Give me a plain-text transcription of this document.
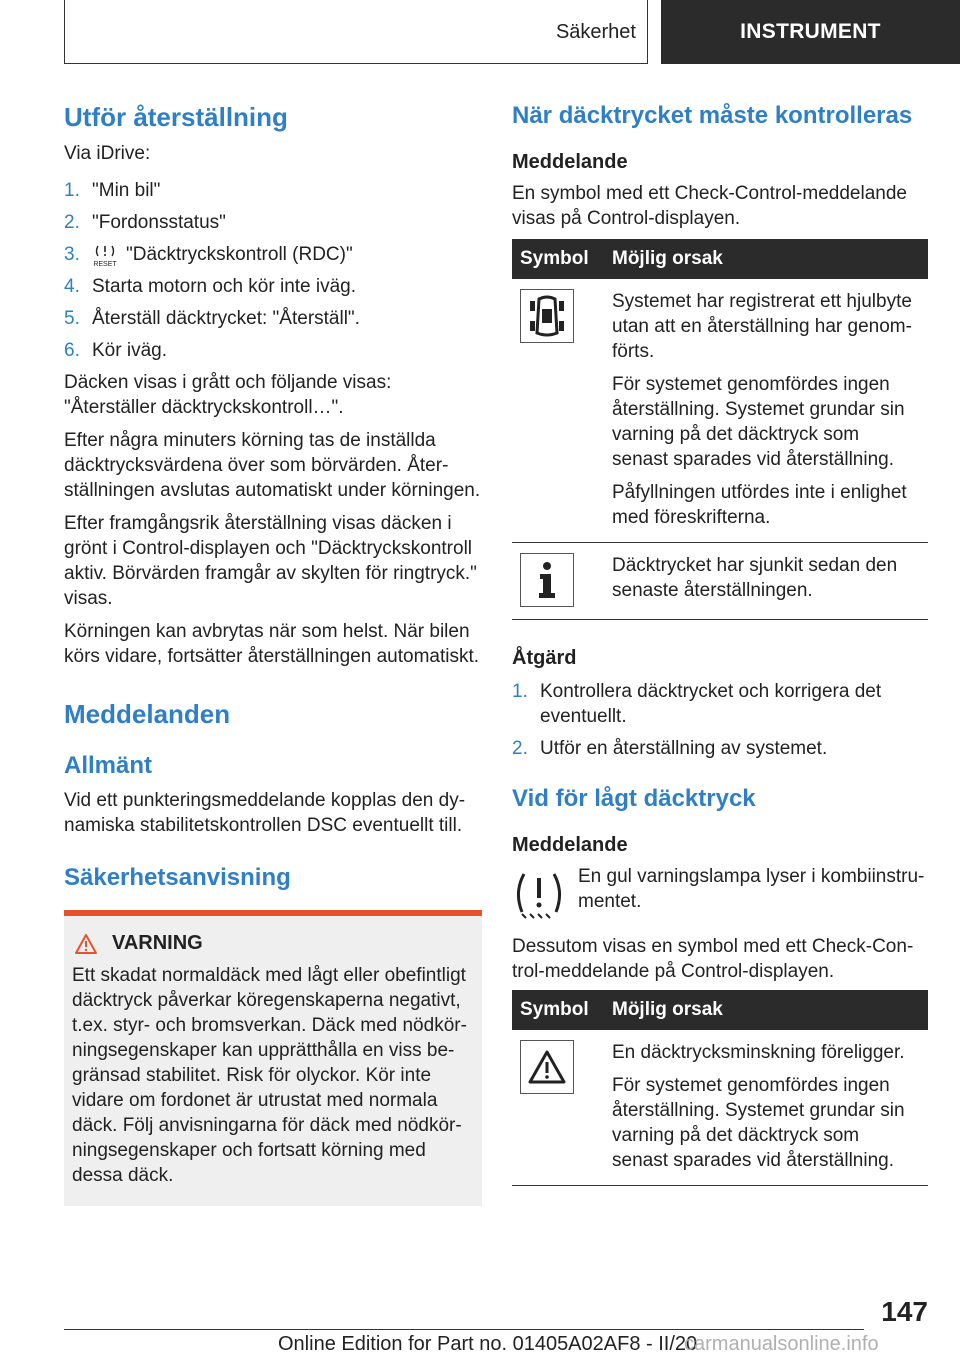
Säkerhet	INSTRUMENT
Utför återställning

Via iDrive:

1. "Min bil"
2. "Fordonsstatus"
3.	RESET "Däcktryckskontroll (RDC)"
4. Starta motorn och kör inte iväg.
5. Återställ däcktrycket: "Återställ".
6. Kör iväg.

Däcken visas i grått och följande visas: "Återställer däcktryckskontroll…".

Efter några minuters körning tas de inställda däcktrycksvärdena över som börvärden. Återställningen avslutas automatiskt under körningen.

Efter framgångsrik återställning visas däcken i grönt i Control-displayen och "Däcktryckskontroll aktiv. Börvärden framgår av skylten för ringtryck." visas.

Körningen kan avbrytas när som helst. När bilen körs vidare, fortsätter återställningen automatiskt.

Meddelanden
Allmänt

Vid ett punkteringsmeddelande kopplas den dynamiska stabilitetskontrollen DSC eventuellt till.

Säkerhetsanvisning
VARNING

Ett skadat normaldäck med lågt eller obefintligt däcktryck påverkar köregenskaperna negativt, t.ex. styr- och bromsverkan. Däck med nödkörningsegenskaper kan upprätthålla en viss begränsad stabilitet. Risk för olyckor. Kör inte vidare om fordonet är utrustat med normala däck. Följ anvisningarna för däck med nödkörningsegenskaper och fortsatt körning med dessa däck.

När däcktrycket måste kontrolleras

Meddelande

En symbol med ett Check-Control-meddelande visas på Control-displayen.

Symbol	Möjlig orsak

Systemet har registrerat ett hjulbyte utan att en återställning har genomförts.

För systemet genomfördes ingen återställning. Systemet grundar sin varning på det däcktryck som senast sparades vid återställning.

Påfyllningen utfördes inte i enlighet med föreskrifterna.

Däcktrycket har sjunkit sedan den senaste återställningen.

Åtgärd

1. Kontrollera däcktrycket och korrigera det eventuellt.
2. Utför en återställning av systemet.
Vid för lågt däcktryck

Meddelande

En gul varningslampa lyser i kombiinstrumentet.

Dessutom visas en symbol med ett Check-Control-meddelande på Control-displayen.

Symbol	Möjlig orsak

En däcktrycksminskning föreligger.

För systemet genomfördes ingen återställning. Systemet grundar sin varning på det däcktryck som senast sparades vid återställning.

147
Online Edition for Part no. 01405A02AF8 - II/20
carmanualsonline.info
